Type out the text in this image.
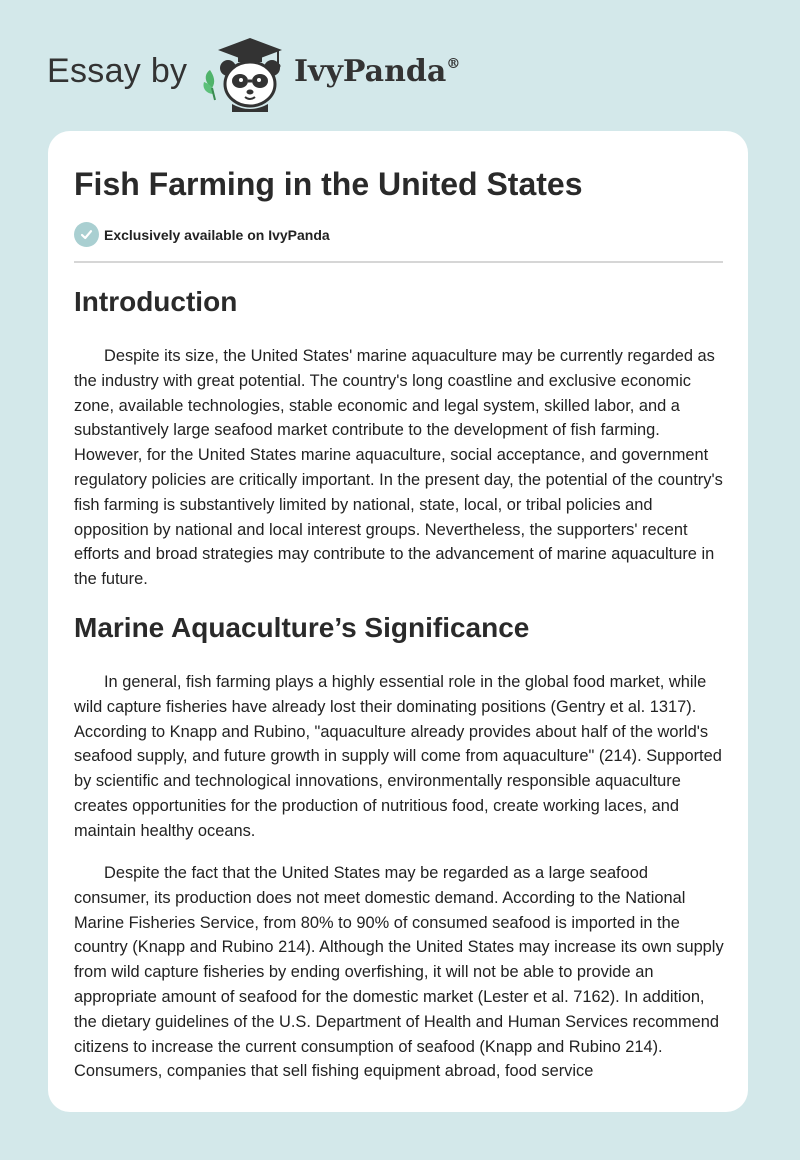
Essay by	IvyPanda®
Fish Farming in the United States
Exclusively available on IvyPanda
Introduction

Despite its size, the United States' marine aquaculture may be currently regarded as the industry with great potential. The country's long coastline and exclusive economic zone, available technologies, stable economic and legal system, skilled labor, and a substantively large seafood market contribute to the development of fish farming. However, for the United States marine aquaculture, social acceptance, and government regulatory policies are critically important. In the present day, the potential of the country's fish farming is substantively limited by national, state, local, or tribal policies and opposition by national and local interest groups. Nevertheless, the supporters' recent efforts and broad strategies may contribute to the advancement of marine aquaculture in the future.

Marine Aquaculture’s Significance

In general, fish farming plays a highly essential role in the global food market, while wild capture fisheries have already lost their dominating positions (Gentry et al. 1317). According to Knapp and Rubino, "aquaculture already provides about half of the world's seafood supply, and future growth in supply will come from aquaculture" (214). Supported by scientific and technological innovations, environmentally responsible aquaculture creates opportunities for the production of nutritious food, create working laces, and maintain healthy oceans.

Despite the fact that the United States may be regarded as a large seafood consumer, its production does not meet domestic demand. According to the National Marine Fisheries Service, from 80% to 90% of consumed seafood is imported in the country (Knapp and Rubino 214). Although the United States may increase its own supply from wild capture fisheries by ending overfishing, it will not be able to provide an appropriate amount of seafood for the domestic market (Lester et al. 7162). In addition, the dietary guidelines of the U.S. Department of Health and Human Services recommend citizens to increase the current consumption of seafood (Knapp and Rubino 214). Consumers, companies that sell fishing equipment abroad, food service
